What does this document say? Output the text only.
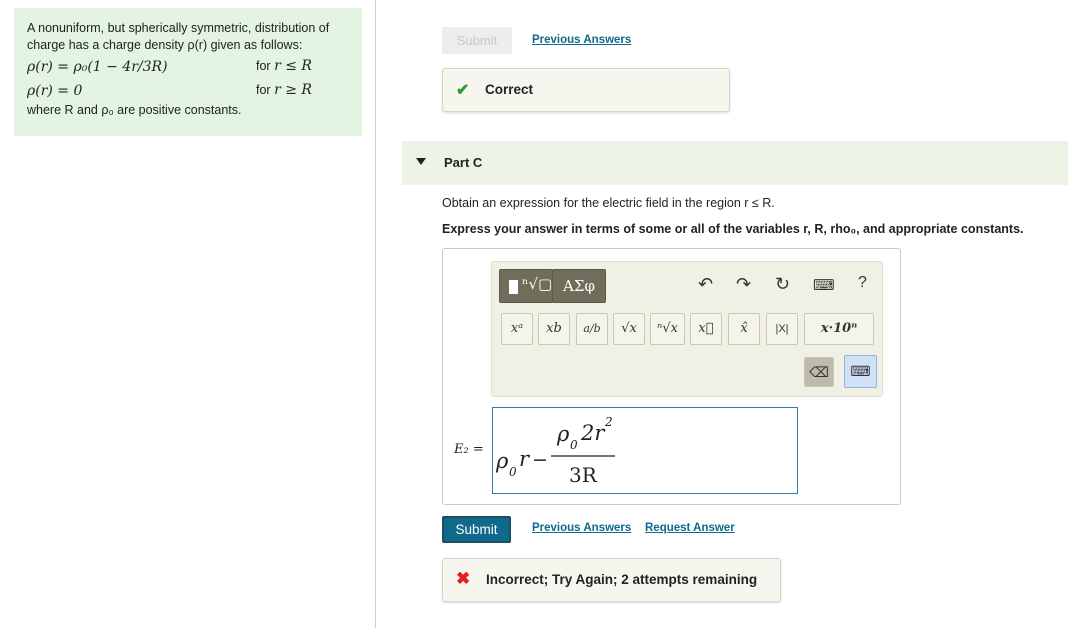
A nonuniform, but spherically symmetric, distribution of charge has a charge density ρ(r) given as follows:
ρ(r) = ρ₀(1 − 4r/3R)	for r ≤ R
ρ(r) = 0	for r ≥ R
where R and ρ₀ are positive constants.
Submit	Previous Answers
✔ Correct
Part C
Obtain an expression for the electric field in the region r ≤ R.
Express your answer in terms of some or all of the variables r, R, rho₀, and appropriate constants.
ⁿ√▢ ΑΣφ	↶ ↷ ↻ ⌨ ?
xᵃ	xb	a/b	√x	ⁿ√x	x⃗	x̂	|X|	x·10ⁿ
⌫	⌨
E₂ = ρ 0
r −
ρ 0 2r 2
3R
Submit	Previous Answers Request Answer
✖ Incorrect; Try Again; 2 attempts remaining
